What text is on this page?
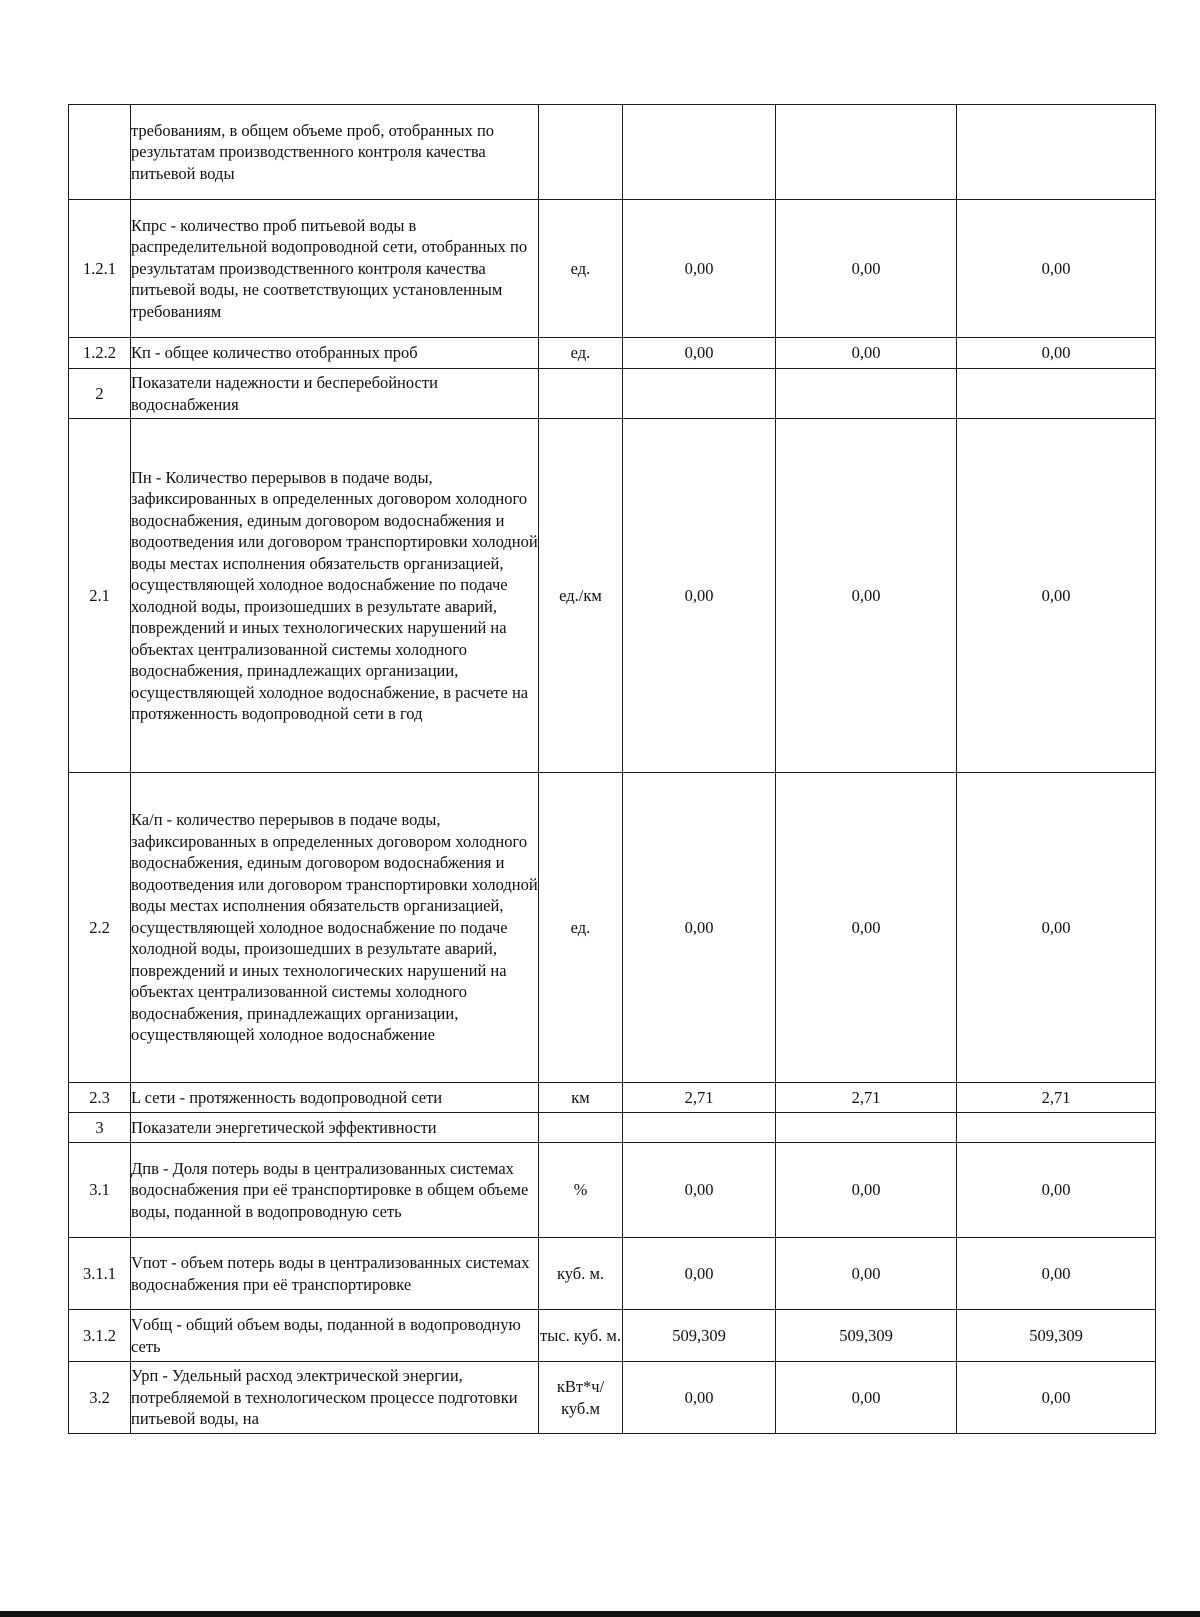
	требованиям, в общем объеме проб, отобранных по результатам производственного контроля качества питьевой воды				
1.2.1	Кпрс - количество проб питьевой воды в распределительной водопроводной сети, отобранных по результатам производственного контроля качества питьевой воды, не соответствующих установленным требованиям	ед.	0,00	0,00	0,00
1.2.2	Кп - общее количество отобранных проб	ед.	0,00	0,00	0,00
2	Показатели надежности и бесперебойности водоснабжения				
2.1	Пн - Количество перерывов в подаче воды, зафиксированных в определенных договором холодного водоснабжения, единым договором водоснабжения и водоотведения или договором транспортировки холодной воды местах исполнения обязательств организацией, осуществляющей холодное водоснабжение по подаче холодной воды, произошедших в результате аварий, повреждений и иных технологических нарушений на объектах централизованной системы холодного водоснабжения, принадлежащих организации, осуществляющей холодное водоснабжение, в расчете на протяженность водопроводной сети в год	ед./км	0,00	0,00	0,00
2.2	Ка/п - количество перерывов в подаче воды, зафиксированных в определенных договором холодного водоснабжения, единым договором водоснабжения и водоотведения или договором транспортировки холодной воды местах исполнения обязательств организацией, осуществляющей холодное водоснабжение по подаче холодной воды, произошедших в результате аварий, повреждений и иных технологических нарушений на объектах централизованной системы холодного водоснабжения, принадлежащих организации, осуществляющей холодное водоснабжение	ед.	0,00	0,00	0,00
2.3	L сети - протяженность водопроводной сети	км	2,71	2,71	2,71
3	Показатели энергетической эффективности				
3.1	Дпв - Доля потерь воды в централизованных системах водоснабжения при её транспортировке в общем объеме воды, поданной в водопроводную сеть	%	0,00	0,00	0,00
3.1.1	Vпот - объем потерь воды в централизованных системах водоснабжения при её транспортировке	куб. м.	0,00	0,00	0,00
3.1.2	Vобщ - общий объем воды, поданной в водопроводную сеть	тыс. куб. м.	509,309	509,309	509,309
3.2	Урп - Удельный расход электрической энергии, потребляемой в технологическом процессе подготовки питьевой воды, на	кВт*ч/ куб.м	0,00	0,00	0,00
